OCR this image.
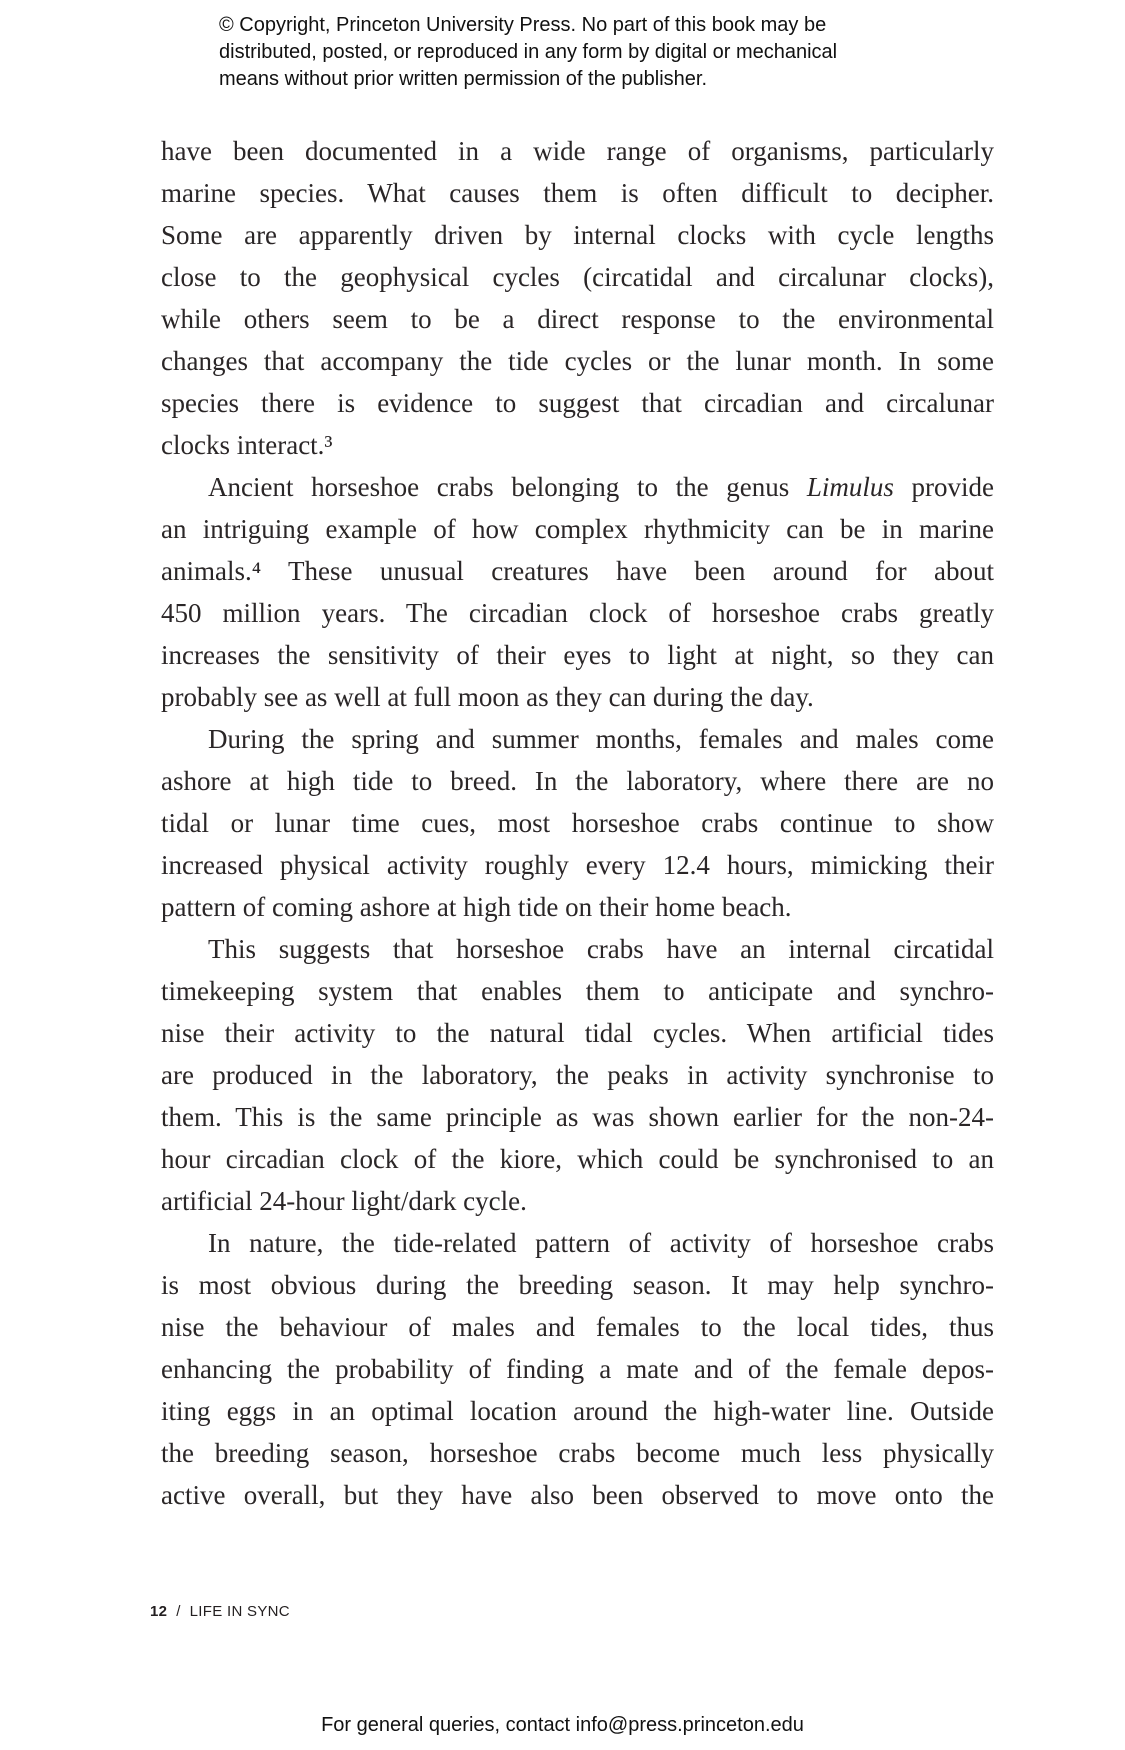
© Copyright, Princeton University Press. No part of this book may be
distributed, posted, or reproduced in any form by digital or mechanical
means without prior written permission of the publisher.
have been documented in a wide range of organisms, particularly
marine species. What causes them is often difficult to decipher.
Some are apparently driven by internal clocks with cycle lengths
close to the geophysical cycles (circatidal and circalunar clocks),
while others seem to be a direct response to the environmental
changes that accompany the tide cycles or the lunar month. In some
species there is evidence to suggest that circadian and circalunar
clocks interact.³
Ancient horseshoe crabs belonging to the genus Limulus provide
an intriguing example of how complex rhythmicity can be in marine
animals.⁴ These unusual creatures have been around for about
450 million years. The circadian clock of horseshoe crabs greatly
increases the sensitivity of their eyes to light at night, so they can
probably see as well at full moon as they can during the day.
During the spring and summer months, females and males come
ashore at high tide to breed. In the laboratory, where there are no
tidal or lunar time cues, most horseshoe crabs continue to show
increased physical activity roughly every 12.4 hours, mimicking their
pattern of coming ashore at high tide on their home beach.
This suggests that horseshoe crabs have an internal circatidal
timekeeping system that enables them to anticipate and synchro-
nise their activity to the natural tidal cycles. When artificial tides
are produced in the laboratory, the peaks in activity synchronise to
them. This is the same principle as was shown earlier for the non-24-
hour circadian clock of the kiore, which could be synchronised to an
artificial 24-hour light/dark cycle.
In nature, the tide-related pattern of activity of horseshoe crabs
is most obvious during the breeding season. It may help synchro-
nise the behaviour of males and females to the local tides, thus
enhancing the probability of finding a mate and of the female depos-
iting eggs in an optimal location around the high-water line. Outside
the breeding season, horseshoe crabs become much less physically
active overall, but they have also been observed to move onto the
12 / LIFE IN SYNC
For general queries, contact info@press.princeton.edu
